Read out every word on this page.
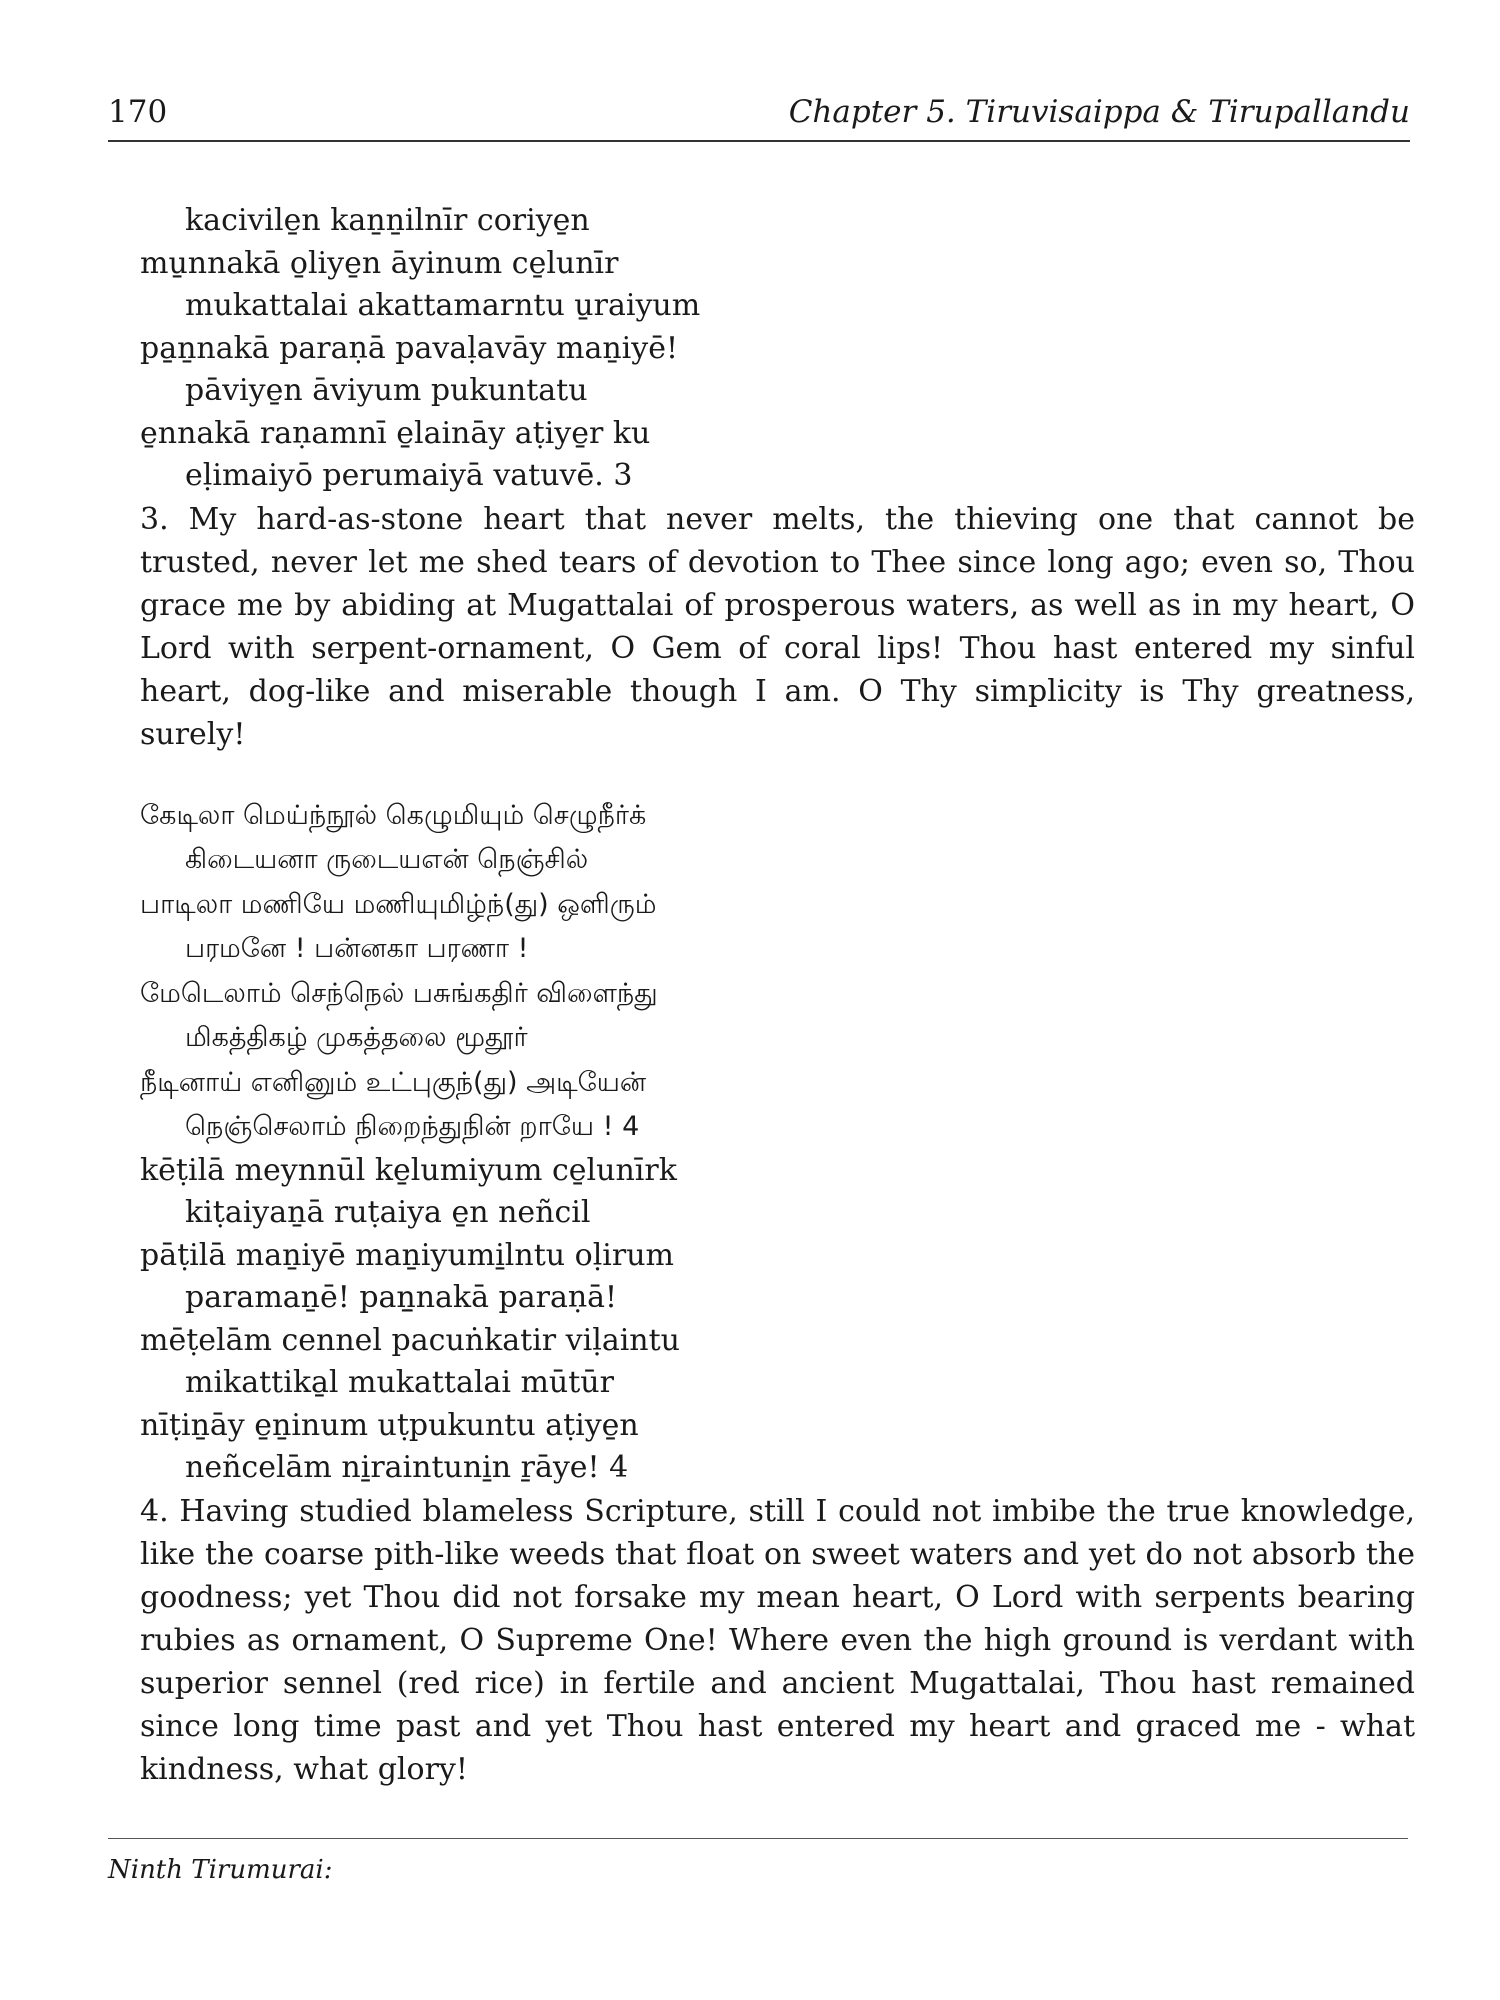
170	Chapter 5. Tiruvisaippa & Tirupallandu
kacivile̱n kaṉṉilnīr coriye̱n
mu̱nnakā o̱liye̱n āyinum ce̱lunīr
mukattalai akattamarntu u̱raiyum
pa̱ṉnakā paraṇā pavaḷavāy maṉiyē!
pāviye̱n āviyum pukuntatu
e̱nnakā raṇamnī e̱laināy aṭiye̱r ku
eḷimaiyō perumaiyā vatuvē. 3

3. My hard-as-stone heart that never melts, the thieving one that cannot be trusted, never let me shed tears of devotion to Thee since long ago; even so, Thou grace me by abiding at Mugattalai of prosperous waters, as well as in my heart, O Lord with serpent-ornament, O Gem of coral lips! Thou hast entered my sinful heart, dog-like and miserable though I am. O Thy simplicity is Thy greatness, surely!

கேடிலா மெய்ந்நூல் கெழுமியும் செழுநீர்க்
கிடையனா ருடையஎன் நெஞ்சில்
பாடிலா மணியே மணியுமிழ்ந்(து) ஒளிரும்
பரமனே ! பன்னகா பரணா !
மேடெலாம் செந்நெல் பசுங்கதிர் விளைந்து
மிகத்திகழ் முகத்தலை மூதூர்
நீடினாய் எனினும் உட்புகுந்(து) அடியேன்
நெஞ்செலாம் நிறைந்துநின் றாயே ! 4
kēṭilā meynnūl ke̱lumiyum ce̱lunīrk
kiṭaiyaṉā ruṭaiya e̱n neñcil
pāṭilā maṉiyē maṉiyumi̱lntu oḷirum
paramaṉē! paṉ̱nakā paraṇā!
mēṭelām cennel pacuṅkatir viḷaintu
mikattika̱l mukattalai mūtūr
nīṭiṉāy e̱ṉinum uṭpukuntu aṭiye̱n
neñcelām ni̱raintuni̱n ṟāye! 4

4. Having studied blameless Scripture, still I could not imbibe the true knowledge, like the coarse pith-like weeds that float on sweet waters and yet do not absorb the goodness; yet Thou did not forsake my mean heart, O Lord with serpents bearing rubies as ornament, O Supreme One! Where even the high ground is verdant with superior sennel (red rice) in fertile and ancient Mugattalai, Thou hast remained since long time past and yet Thou hast entered my heart and graced me - what kindness, what glory!

Ninth Tirumurai:
